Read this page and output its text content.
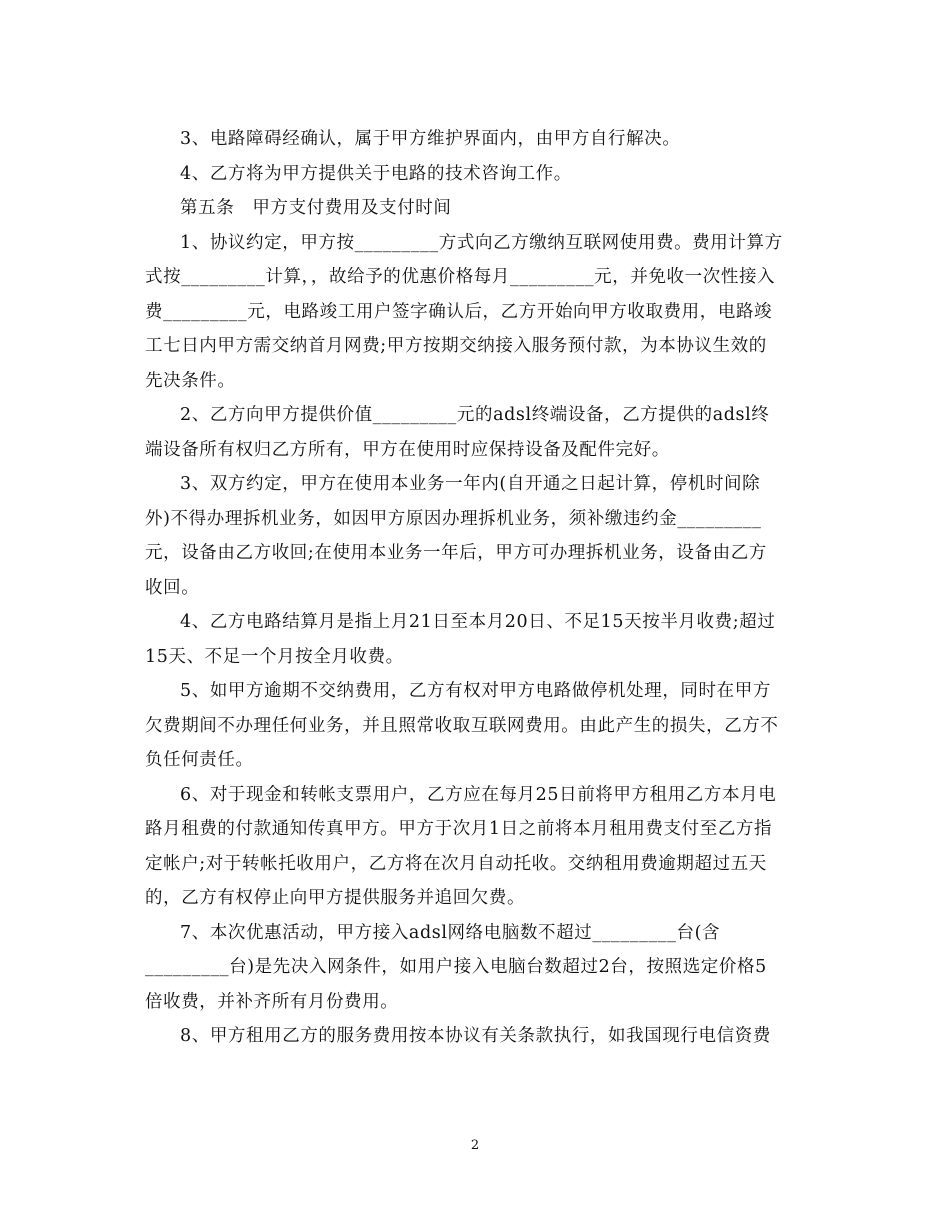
3、电路障碍经确认，属于甲方维护界面内，由甲方自行解决。

4、乙方将为甲方提供关于电路的技术咨询工作。

第五条　甲方支付费用及支付时间

1、协议约定，甲方按_________方式向乙方缴纳互联网使用费。费用计算方
式按_________计算，，故给予的优惠价格每月_________元，并免收一次性接入
费_________元，电路竣工用户签字确认后，乙方开始向甲方收取费用，电路竣
工七日内甲方需交纳首月网费;甲方按期交纳接入服务预付款，为本协议生效的
先决条件。

2、乙方向甲方提供价值_________元的adsl终端设备，乙方提供的adsl终
端设备所有权归乙方所有，甲方在使用时应保持设备及配件完好。

3、双方约定，甲方在使用本业务一年内(自开通之日起计算，停机时间除
外)不得办理拆机业务，如因甲方原因办理拆机业务，须补缴违约金_________
元，设备由乙方收回;在使用本业务一年后，甲方可办理拆机业务，设备由乙方
收回。

4、乙方电路结算月是指上月21日至本月20日、不足15天按半月收费;超过
15天、不足一个月按全月收费。

5、如甲方逾期不交纳费用，乙方有权对甲方电路做停机处理，同时在甲方
欠费期间不办理任何业务，并且照常收取互联网费用。由此产生的损失，乙方不
负任何责任。

6、对于现金和转帐支票用户，乙方应在每月25日前将甲方租用乙方本月电
路月租费的付款通知传真甲方。甲方于次月1日之前将本月租用费支付至乙方指
定帐户;对于转帐托收用户，乙方将在次月自动托收。交纳租用费逾期超过五天
的，乙方有权停止向甲方提供服务并追回欠费。

7、本次优惠活动，甲方接入adsl网络电脑数不超过_________台(含
_________台)是先决入网条件，如用户接入电脑台数超过2台，按照选定价格5
倍收费，并补齐所有月份费用。

8、甲方租用乙方的服务费用按本协议有关条款执行，如我国现行电信资费

2
